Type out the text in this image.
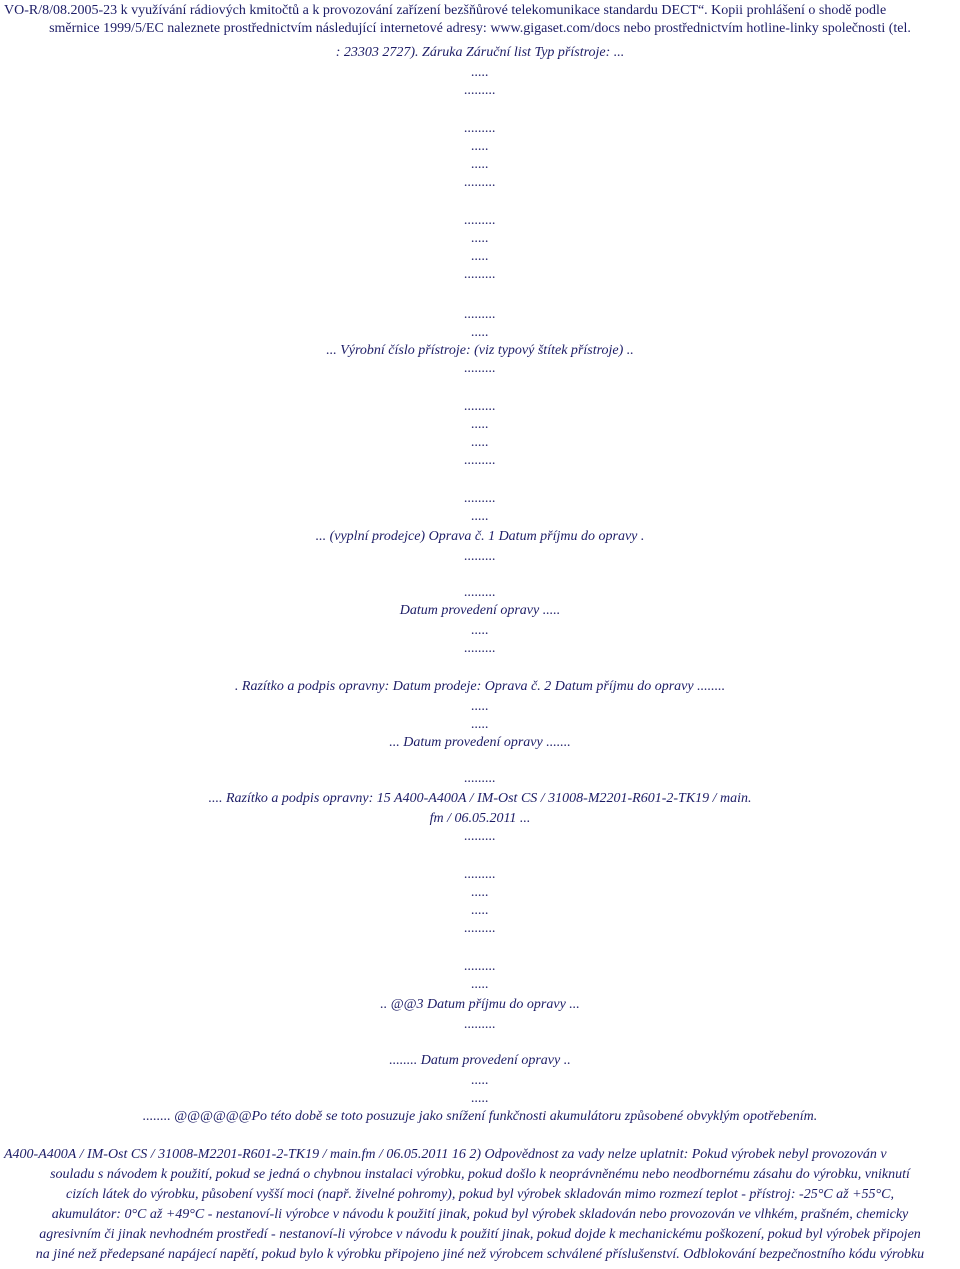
VO-R/8/08.2005-23 k využívání rádiových kmitočtů a k provozování zařízení bezšňůrové telekomunikace standardu DECT“. Kopii prohlášení o shodě podle
směrnice 1999/5/EC naleznete prostřednictvím následující internetové adresy: www.gigaset.com/docs nebo prostřednictvím hotline-linky společnosti (tel.
: 23303 2727). Záruka Záruční list Typ přístroje: ...
.....
.........
.........
.....
.....
.........
.........
.....
.....
.........
.........
.....
... Výrobní číslo přístroje: (viz typový štítek přístroje) ..
.........
.........
.....
.....
.........
.........
.....
... (vyplní prodejce) Oprava č. 1 Datum příjmu do opravy .
.........
.........
Datum provedení opravy .....
.....
.........
. Razítko a podpis opravny: Datum prodeje: Oprava č. 2 Datum příjmu do opravy ........
.....
.....
... Datum provedení opravy .......
.........
.... Razítko a podpis opravny: 15 A400-A400A / IM-Ost CS / 31008-M2201-R601-2-TK19 / main.
fm / 06.05.2011 ...
.........
.........
.....
.....
.........
.........
.....
.. @@3 Datum příjmu do opravy ...
.........
........ Datum provedení opravy ..
.....
.....
........ @@@@@@Po této době se toto posuzuje jako snížení funkčnosti akumulátoru způsobené obvyklým opotřebením.
A400-A400A / IM-Ost CS / 31008-M2201-R601-2-TK19 / main.fm / 06.05.2011 16 2) Odpovědnost za vady nelze uplatnit: Pokud výrobek nebyl provozován v
souladu s návodem k použití, pokud se jedná o chybnou instalaci výrobku, pokud došlo k neoprávněnému nebo neodbornému zásahu do výrobku, vniknutí
cizích látek do výrobku, působení vyšší moci (např. živelné pohromy), pokud byl výrobek skladován mimo rozmezí teplot - přístroj: -25°C až +55°C,
akumulátor: 0°C až +49°C - nestanoví-li výrobce v návodu k použití jinak, pokud byl výrobek skladován nebo provozován ve vlhkém, prašném, chemicky
agresivním či jinak nevhodném prostředí - nestanoví-li výrobce v návodu k použití jinak, pokud dojde k mechanickému poškození, pokud byl výrobek připojen
na jiné než předepsané napájecí napětí, pokud bylo k výrobku připojeno jiné než výrobcem schválené příslušenství. Odblokování bezpečnostního kódu výrobku
